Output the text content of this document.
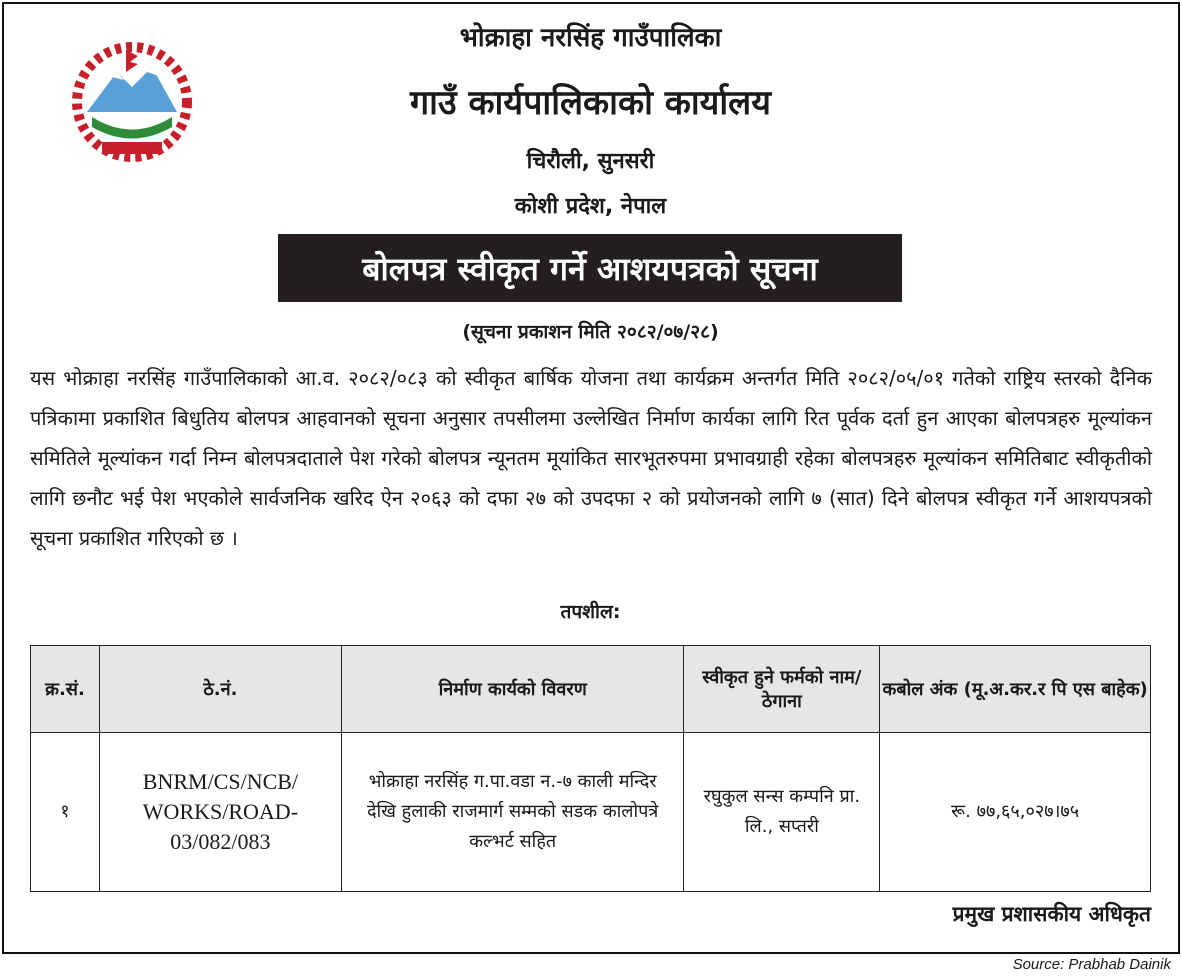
भोक्राहा नरसिंह गाउँपालिका
गाउँ कार्यपालिकाको कार्यालय
चिरौली, सुनसरी
कोशी प्रदेश, नेपाल
बोलपत्र स्वीकृत गर्ने आशयपत्रको सूचना
(सूचना प्रकाशन मिति २०८२/०७/२८)
यस भोक्राहा नरसिंह गाउँपालिकाको आ.व. २०८२/०८३ को स्वीकृत बार्षिक योजना तथा कार्यक्रम अन्तर्गत मिति २०८२/०५/०१ गतेको राष्ट्रिय स्तरको दैनिक पत्रिकामा प्रकाशित बिधुतिय बोलपत्र आहवानको सूचना अनुसार तपसीलमा उल्लेखित निर्माण कार्यका लागि रित पूर्वक दर्ता हुन आएका बोलपत्रहरु मूल्यांकन समितिले मूल्यांकन गर्दा निम्न बोलपत्रदाताले पेश गरेको बोलपत्र न्यूनतम मूयांकित सारभूतरुपमा प्रभावग्राही रहेका बोलपत्रहरु मूल्यांकन समितिबाट स्वीकृतीको लागि छनौट भई पेश भएकोले सार्वजनिक खरिद ऐन २०६३ को दफा २७ को उपदफा २ को प्रयोजनको लागि ७ (सात) दिने बोलपत्र स्वीकृत गर्ने आशयपत्रको सूचना प्रकाशित गरिएको छ ।
तपशील:
क्र.सं.	ठे.नं.	निर्माण कार्यको विवरण	स्वीकृत हुने फर्मको नाम/ठेगाना	कबोल अंक (मू.अ.कर.र पि एस बाहेक)
१	BNRM/CS/NCB/ WORKS/ROAD-03/082/083	भोक्राहा नरसिंह ग.पा.वडा न.-७ काली मन्दिर देखि हुलाकी राजमार्ग सम्मको सडक कालोपत्रे कल्भर्ट सहित	रघुकुल सन्स कम्पनि प्रा. लि., सप्तरी	रू. ७७,६५,०२७।७५
प्रमुख प्रशासकीय अधिकृत
Source: Prabhab Dainik
